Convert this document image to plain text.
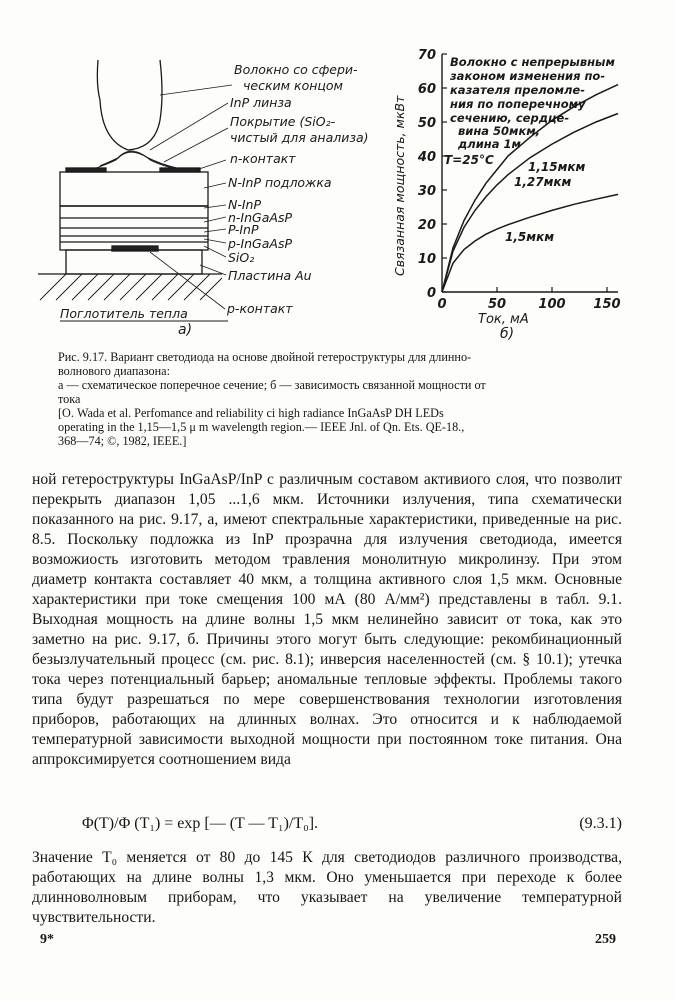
Волокно со сфери-
ческим концом
InP линза
Покрытие (SiO₂-
чистый для анализа)
n-контакт
N-InP подложка
N-InP
n-InGaAsP
P-InP
p-InGaAsP
SiO₂
Пластина Au
Поглотитель тепла	p-контакт
а)
0
10
20
30
40
50
60
70
0	50 100 150
Ток, мА
б)
Связанная мощность, мкВт
Волокно с непрерывным
законом изменения по-
казателя преломле-
ния по поперечному
сечению, сердце-
вина 50мкм,
длина 1м
T=25°C	1,15мкм
1,27мкм
1,5мкм

Рис. 9.17. Вариант светодиода на основе двойной гетероструктуры для длинно-

волнового диапазона:

а — схематическое поперечное сечение; б — зависимость связанной мощности от

тока

[О. Wada et al. Perfomance and reliability ci high radiance InGaAsP DH LEDs

operating in the 1,15—1,5 μ m wavelength region.— IEEE Jnl. of Qn. Ets. QE-18.,

368—74; ©, 1982, IEEE.]

ной гетероструктуры InGaAsP/InP с различным составом активиого слоя, что позволит перекрыть диапазон 1,05 ...1,6 мкм. Источники излучения, типа схематически показанного на рис. 9.17, а, имеют спектральные характеристики, приведенные на рис. 8.5. Поскольку подложка из InP прозрачна для излучения светодиода, имеется возможиость изготовить методом травления монолитную микролинзу. При этом диаметр контакта составляет 40 мкм, а толщина активного слоя 1,5 мкм. Основные характеристики при токе смещения 100 мА (80 А/мм²) представлены в табл. 9.1. Выходная мощность на длине волны 1,5 мкм нелинейно зависит от тока, как это заметно на рис. 9.17, б. Причины этого могут быть следующие: рекомбинационный безызлучательный процесс (см. рис. 8.1); инверсия населенностей (см. § 10.1); утечка тока через потенциальный барьер; аномальные тепловые эффекты. Проблемы такого типа будут разрешаться по мере совершенствования технологии изготовления приборов, работающих на длинных волнах. Это относится и к наблюдаемой температурной зависимости выходной мощности при постоянном токе питания. Она аппроксимируется соотношением вида

Φ(T)/Φ (T₁) = exp [— (T — T₁)/T₀].	(9.3.1)

Значение T₀ меняется от 80 до 145 К для светодиодов различного производства, работающих на длине волны 1,3 мкм. Оно уменьшается при переходе к более длинноволновым приборам, что указывает на увеличение температурной чувствительности.

9*	259
